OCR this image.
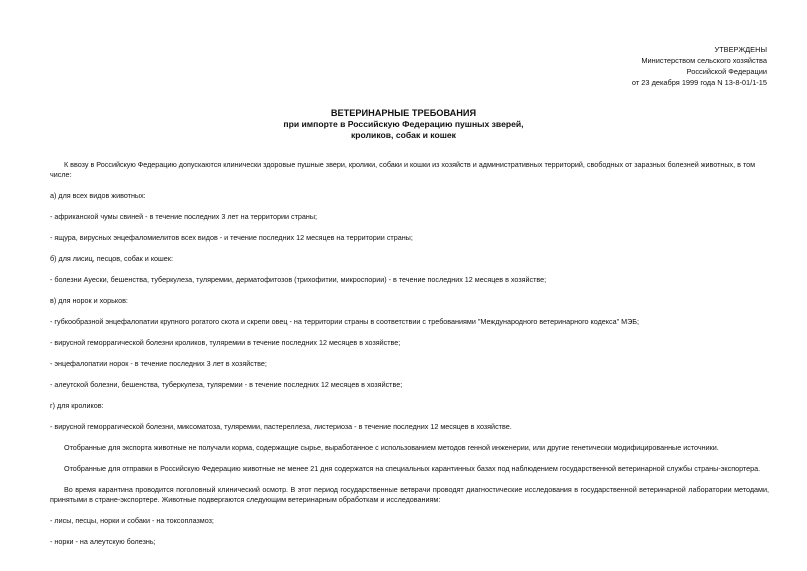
УТВЕРЖДЕНЫ
Министерством сельского хозяйства
Российской Федерации
от 23 декабря 1999 года N 13-8-01/1-15
ВЕТЕРИНАРНЫЕ ТРЕБОВАНИЯ
при импорте в Российскую Федерацию пушных зверей,
кроликов, собак и кошек

К ввозу в Российскую Федерацию допускаются клинически здоровые пушные звери, кролики, собаки и кошки из хозяйств и административных территорий, свободных от заразных болезней животных, в том числе:

а) для всех видов животных:

- африканской чумы свиней - в течение последних 3 лет на территории страны;

- ящура, вирусных энцефаломиелитов всех видов - и течение последних 12 месяцев на территории страны;

б) для лисиц, песцов, собак и кошек:

- болезни Ауески, бешенства, туберкулеза, туляремии, дерматофитозов (трихофитии, микроспории) - в течение последних 12 месяцев в хозяйстве;

в) для норок и хорьков:

- губкообразной энцефалопатии крупного рогатого скота и скрепи овец - на территории страны в соответствии с требованиями "Международного ветеринарного кодекса" МЭБ;

- вирусной геморрагической болезни кроликов, туляремии в течение последних 12 месяцев в хозяйстве;

- энцефалопатии норок - в течение последних 3 лет в хозяйстве;

- алеутской болезни, бешенства, туберкулеза, туляремии - в течение последних 12 месяцев в хозяйстве;

г) для кроликов:

- вирусной геморрагической болезни, миксоматоза, туляремии, пастереллеза, листериоза - в течение последних 12 месяцев в хозяйстве.

Отобранные для экспорта животные не получали корма, содержащие сырье, выработанное с использованием методов генной инженерии, или другие генетически модифицированные источники.

Отобранные для отправки в Российскую Федерацию животные не менее 21 дня содержатся на специальных карантинных базах под наблюдением государственной ветеринарной службы страны-экспортера.

Во время карантина проводится поголовный клинический осмотр. В этот период государственные ветврачи проводят диагностические исследования в государственной ветеринарной лаборатории методами, принятыми в стране-экспортере. Животные подвергаются следующим ветеринарным обработкам и исследованиям:

- лисы, песцы, норки и собаки - на токсоплазмоз;

- норки - на алеутскую болезнь;
